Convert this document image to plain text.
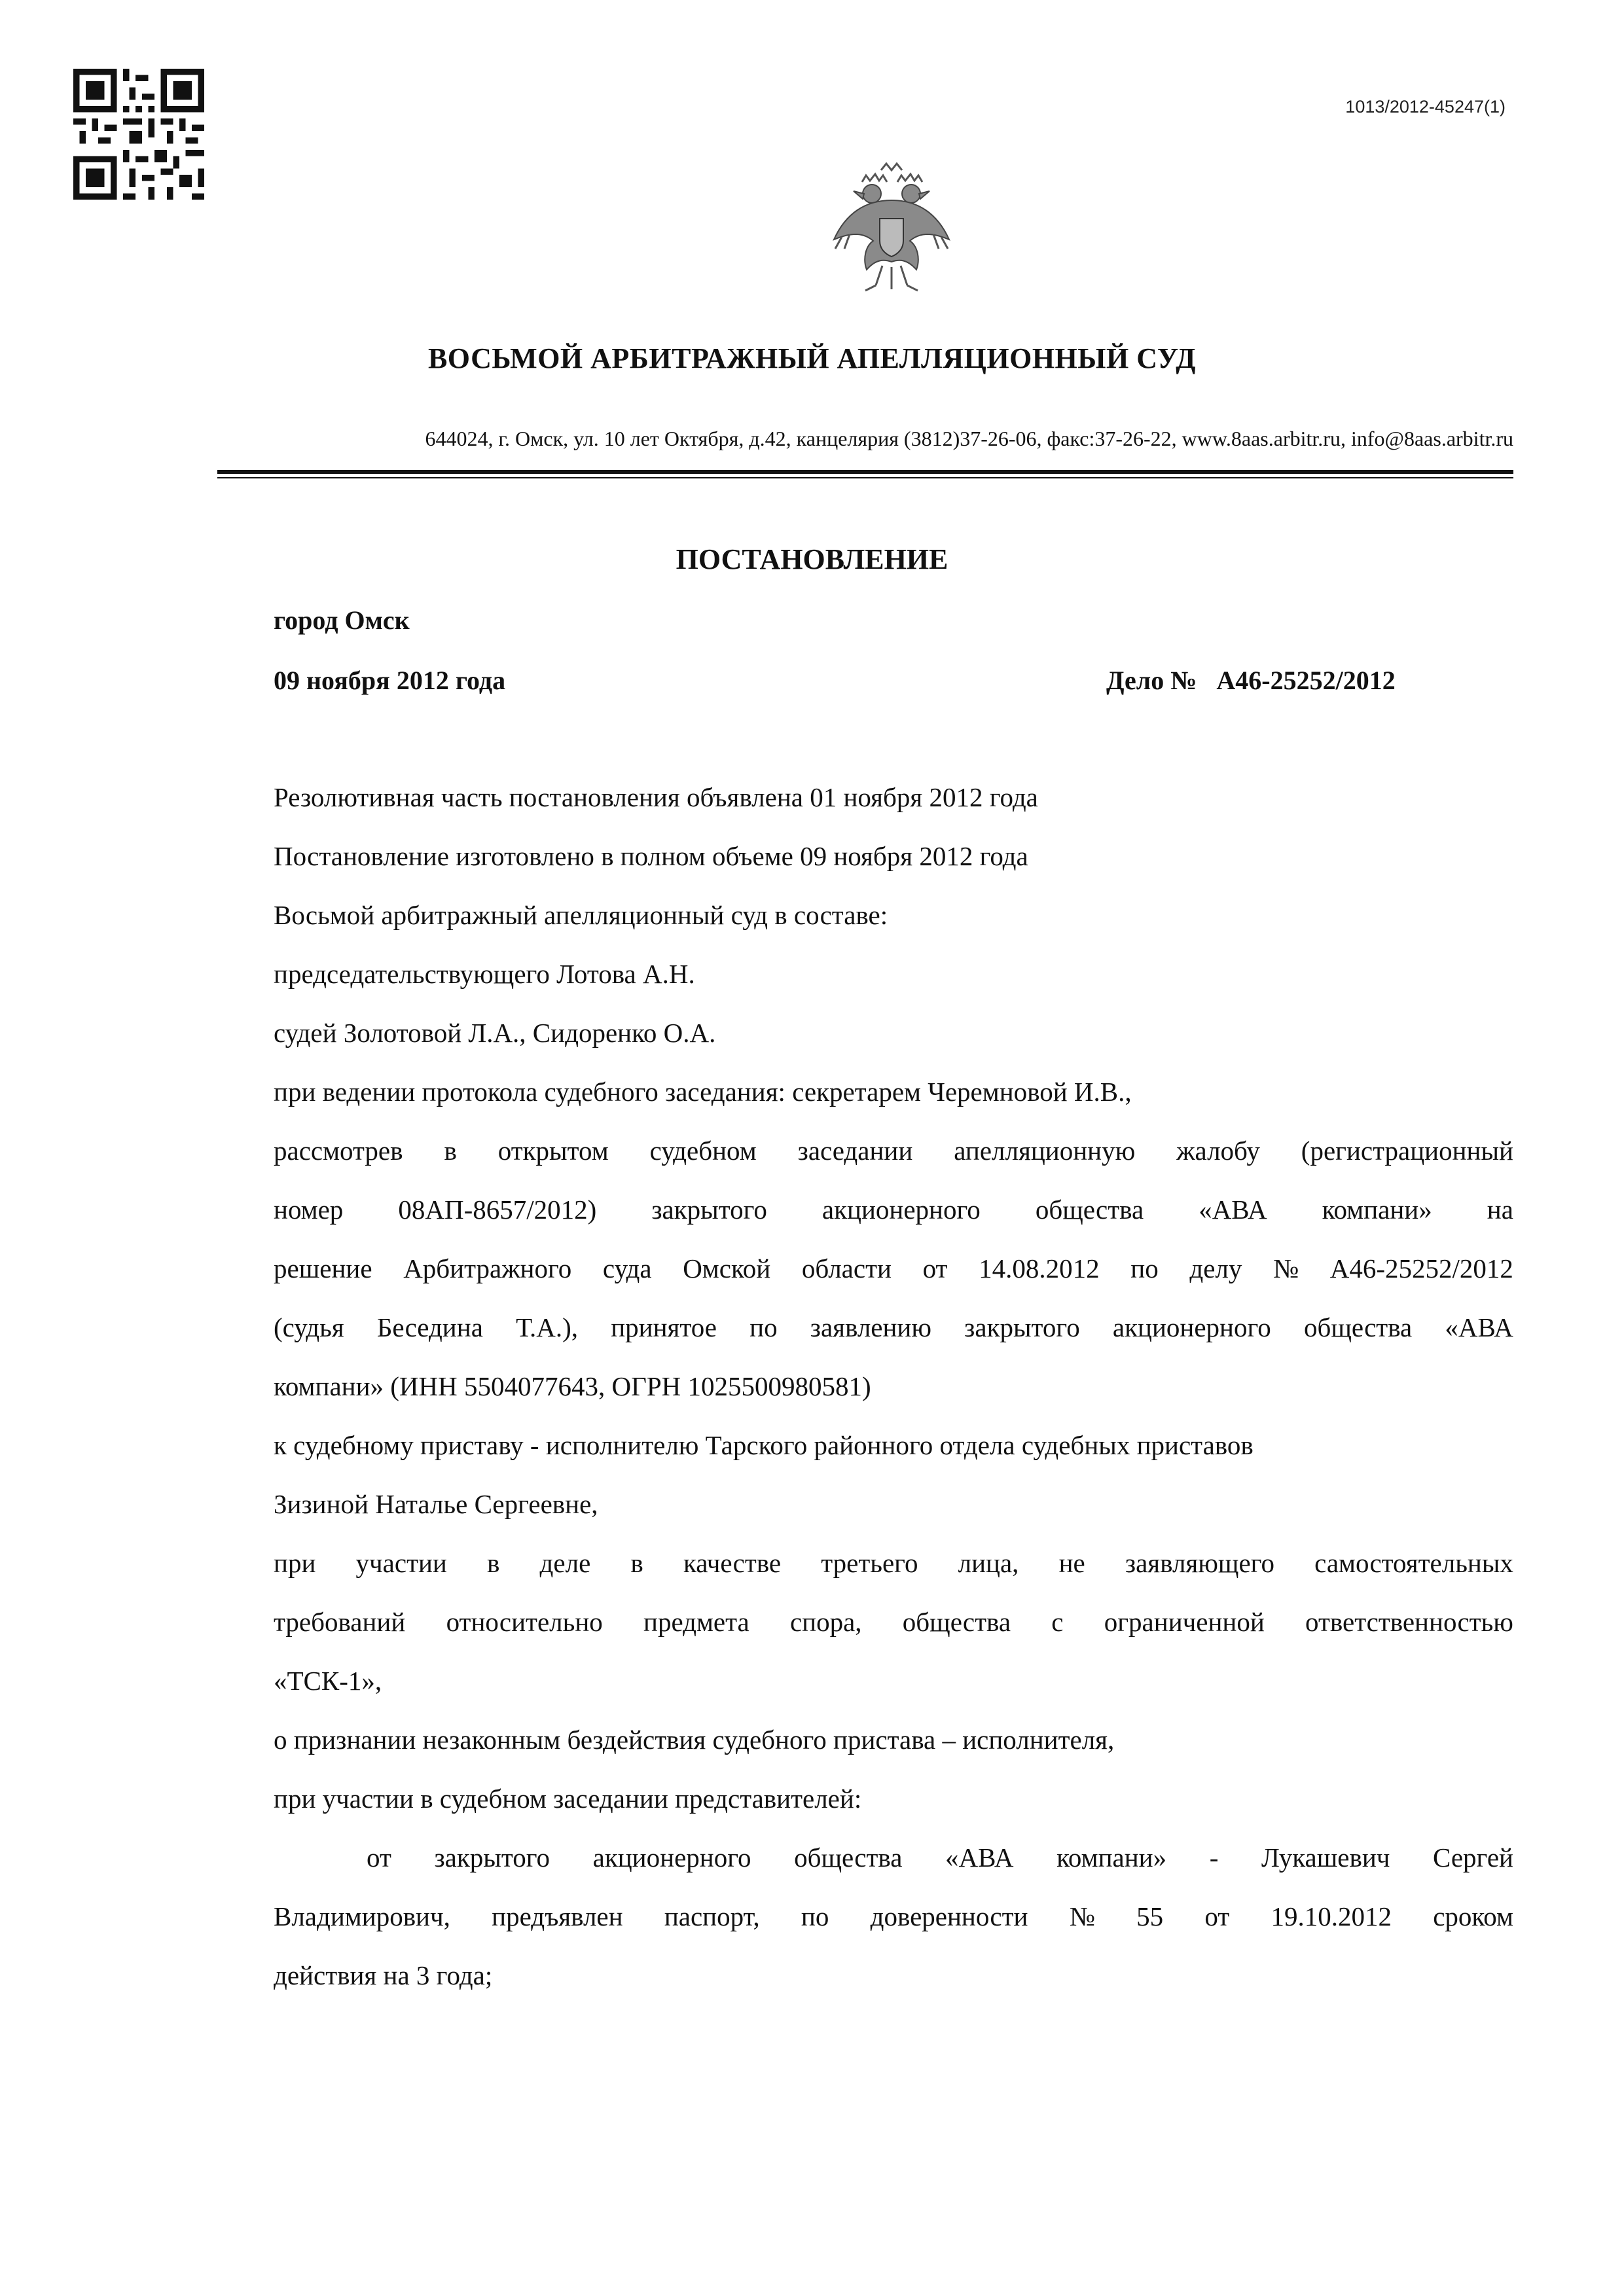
1013/2012-45247(1)
ВОСЬМОЙ АРБИТРАЖНЫЙ АПЕЛЛЯЦИОННЫЙ СУД
644024, г. Омск, ул. 10 лет Октября, д.42, канцелярия (3812)37-26-06, факс:37-26-22, www.8aas.arbitr.ru, info@8aas.arbitr.ru
ПОСТАНОВЛЕНИЕ
город Омск
09 ноября 2012 года	Дело № А46-25252/2012
Резолютивная часть постановления объявлена 01 ноября 2012 года
Постановление изготовлено в полном объеме 09 ноября 2012 года
Восьмой арбитражный апелляционный суд в составе:
председательствующего Лотова А.Н.
судей Золотовой Л.А., Сидоренко О.А.
при ведении протокола судебного заседания: секретарем Черемновой И.В.,
рассмотрев в открытом судебном заседании апелляционную жалобу (регистрационный
номер 08АП-8657/2012) закрытого акционерного общества «АВА компани» на
решение Арбитражного суда Омской области от 14.08.2012 по делу № А46-25252/2012
(судья Беседина Т.А.), принятое по заявлению закрытого акционерного общества «АВА
компани» (ИНН 5504077643, ОГРН 1025500980581)
к судебному приставу - исполнителю Тарского районного отдела судебных приставов
Зизиной Наталье Сергеевне,
при участии в деле в качестве третьего лица, не заявляющего самостоятельных
требований относительно предмета спора, общества с ограниченной ответственностью
«ТСК-1»,
о признании незаконным бездействия судебного пристава – исполнителя,
при участии в судебном заседании представителей:
от закрытого акционерного общества «АВА компани» - Лукашевич Сергей
Владимирович, предъявлен паспорт, по доверенности № 55 от 19.10.2012 сроком
действия на 3 года;
